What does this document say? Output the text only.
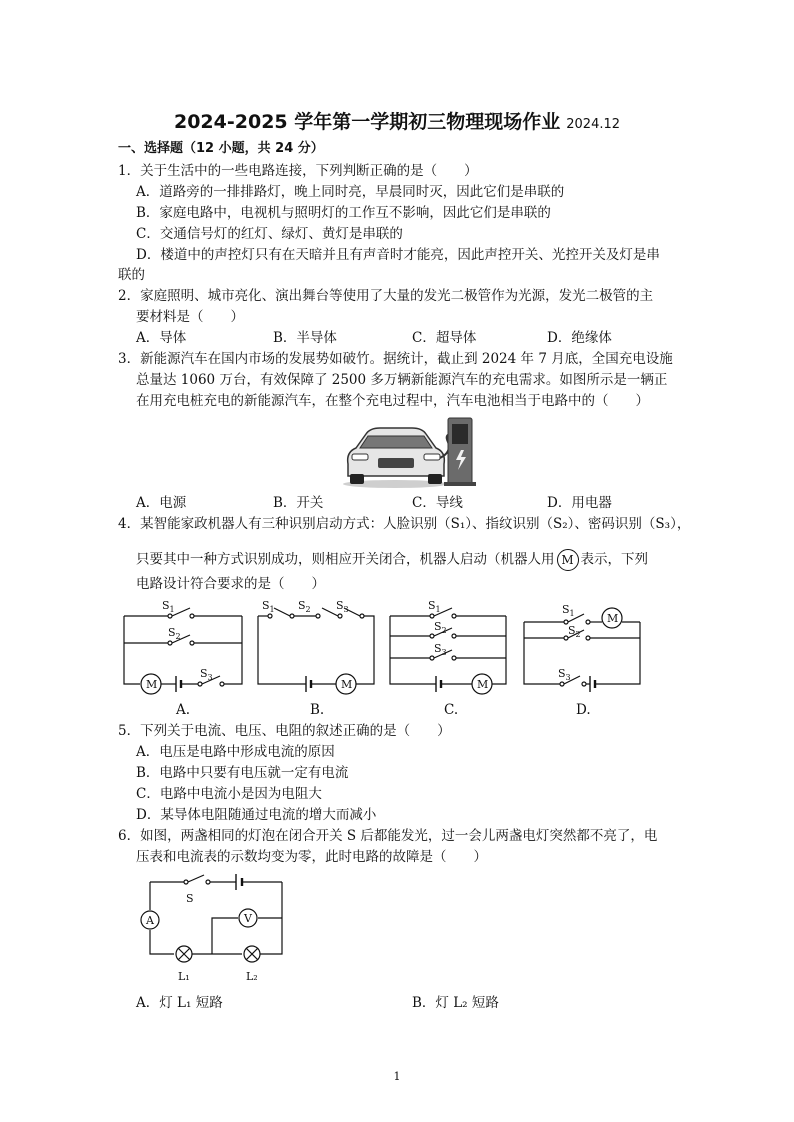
2024-2025 学年第一学期初三物理现场作业 2024.12
一、选择题（12 小题，共 24 分）
1．关于生活中的一些电路连接，下列判断正确的是（　　）
A．道路旁的一排排路灯，晚上同时亮，早晨同时灭，因此它们是串联的
B．家庭电路中，电视机与照明灯的工作互不影响，因此它们是串联的
C．交通信号灯的红灯、绿灯、黄灯是串联的
D．楼道中的声控灯只有在天暗并且有声音时才能亮，因此声控开关、光控开关及灯是串
联的
2．家庭照明、城市亮化、演出舞台等使用了大量的发光二极管作为光源，发光二极管的主
要材料是（　　）
A．导体	B．半导体	C．超导体	D．绝缘体
3．新能源汽车在国内市场的发展势如破竹。据统计，截止到 2024 年 7 月底，全国充电设施
总量达 1060 万台，有效保障了 2500 多万辆新能源汽车的充电需求。如图所示是一辆正
在用充电桩充电的新能源汽车，在整个充电过程中，汽车电池相当于电路中的（　　）
A．电源	B．开关	C．导线	D．用电器
4．某智能家政机器人有三种识别启动方式：人脸识别（S₁）、指纹识别（S₂）、密码识别（S₃），
只要其中一种方式识别成功，则相应开关闭合，机器人启动（机器人用 M 表示，下列
电路设计符合要求的是（　　）
M	M	M
M
$S_1$
$S_2$
$S_3$
$S_1$ $S_2$ $S_3$	$S_1$
$S_2$
$S_3$
$S_1$
$S_2$
$S_3$
A.	B.	C.	D.
5．下列关于电流、电压、电阻的叙述正确的是（　　）
A．电压是电路中形成电流的原因
B．电路中只要有电压就一定有电流
C．电路中电流小是因为电阻大
D．某导体电阻随通过电流的增大而减小
6．如图，两盏相同的灯泡在闭合开关 S 后都能发光，过一会儿两盏电灯突然都不亮了，电
压表和电流表的示数均变为零，此时电路的故障是（　　）
S
A	V
L₁	L₂
A．灯 L₁ 短路	B．灯 L₂ 短路
1
